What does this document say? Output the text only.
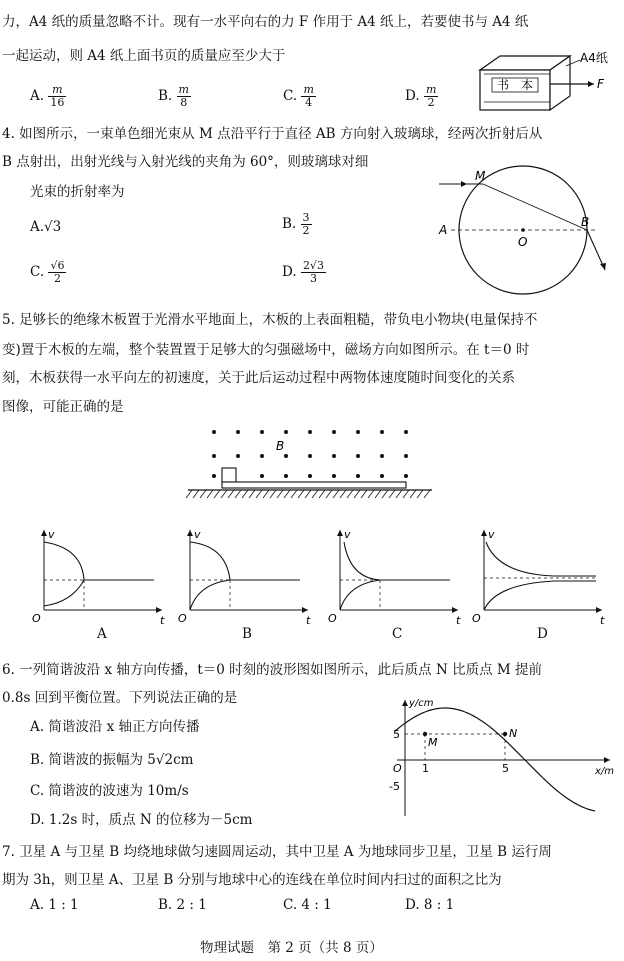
力，A4 纸的质量忽略不计。现有一水平向右的力 F 作用于 A4 纸上，若要使书与 A4 纸
一起运动，则 A4 纸上面书页的质量应至少大于
A. $\frac{m}{16}$	B. $\frac{m}{8}$	C. $\frac{m}{4}$	D. $\frac{m}{2}$	书　本	F
A4纸
4. 如图所示，一束单色细光束从 M 点沿平行于直径 AB 方向射入玻璃球，经两次折射后从
B 点射出，出射光线与入射光线的夹角为 60°，则玻璃球对细
光束的折射率为
A.√3	B. $\frac{3}{2}$
C. $\frac{√6}{2}$	D. $\frac{2√3}{3}$
M
A
O
B
5. 足够长的绝缘木板置于光滑水平地面上，木板的上表面粗糙，带负电小物块(电量保持不
变)置于木板的左端，整个装置置于足够大的匀强磁场中，磁场方向如图所示。在 t＝0 时
刻，木板获得一水平向左的初速度，关于此后运动过程中两物体速度随时间变化的关系
图像，可能正确的是
B
v
t
O
v
t
O
v
t
O
v
t
O
A	B	C	D
6. 一列简谐波沿 x 轴方向传播，t＝0 时刻的波形图如图所示，此后质点 N 比质点 M 提前
0.8s 回到平衡位置。下列说法正确的是
A. 简谐波沿 x 轴正方向传播
B. 简谐波的振幅为 5√2cm
C. 简谐波的波速为 10m/s
D. 1.2s 时，质点 N 的位移为－5cm
y/cm
x/m
O
M
N
5
-5
1	5
7. 卫星 A 与卫星 B 均绕地球做匀速圆周运动，其中卫星 A 为地球同步卫星，卫星 B 运行周
期为 3h，则卫星 A、卫星 B 分别与地球中心的连线在单位时间内扫过的面积之比为
A. 1 : 1	B. 2 : 1	C. 4 : 1	D. 8 : 1
物理试题　第 2 页（共 8 页）
